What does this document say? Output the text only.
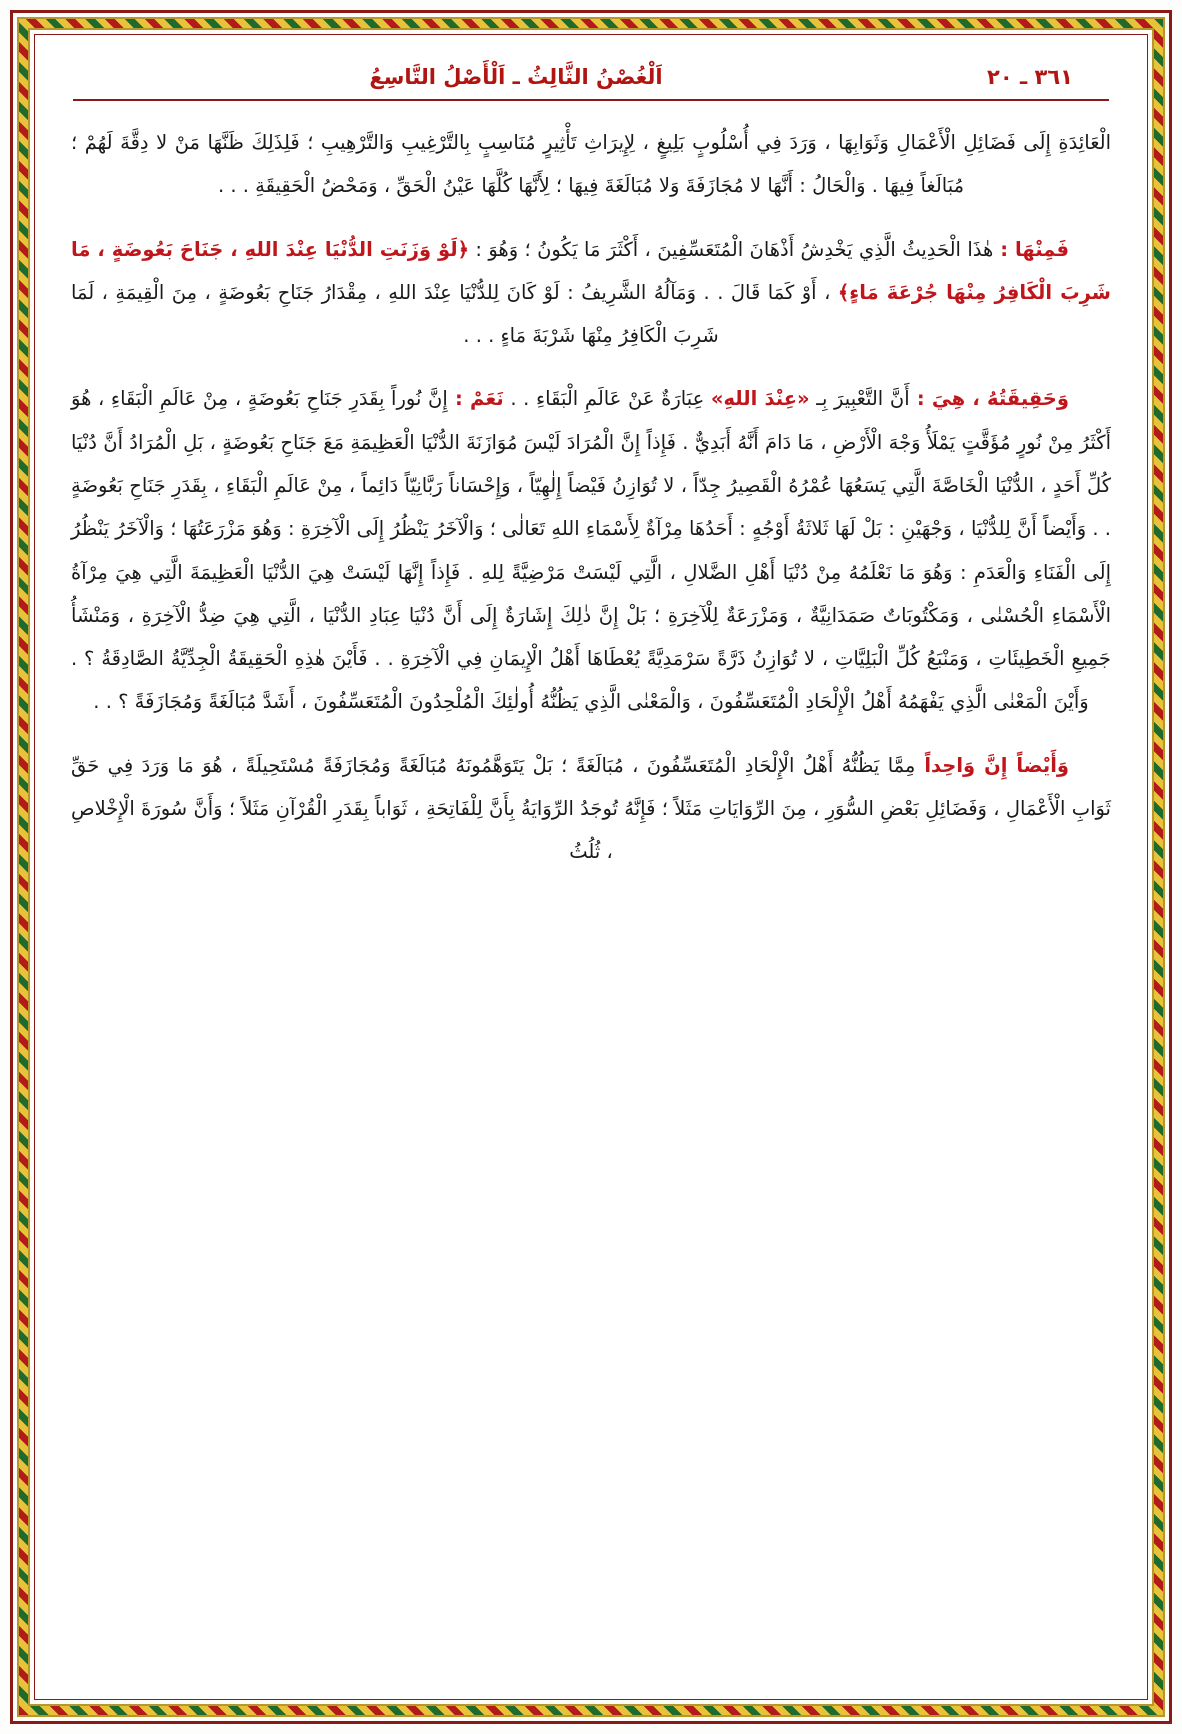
اَلْغُصْنُ الثَّالِثُ ـ اَلْأَصْلُ التَّاسِعُ	٣٦١ ـ ٢٠
الْعَائِدَةِ إِلَى فَضَائِلِ الْأَعْمَالِ وَثَوَابِهَا ، وَرَدَ فِي أُسْلُوبٍ بَلِيغٍ ، لِإِيرَاثِ تَأْثِيرٍ مُنَاسِبٍ بِالتَّرْغِيبِ وَالتَّرْهِيبِ ؛ فَلِذَلِكَ ظَنَّهَا مَنْ لا دِقَّةَ لَهُمْ ؛ مُبَالَغاً فِيهَا . وَالْحَالُ : أَنَّهَا لا مُجَازَفَةَ وَلا مُبَالَغَةَ فِيهَا ؛ لِأَنَّهَا كُلَّهَا عَيْنُ الْحَقِّ ، وَمَحْضُ الْحَقِيقَةِ . . .
فَمِنْهَا : هٰذَا الْحَدِيثُ الَّذِي يَخْدِشُ أَذْهَانَ الْمُتَعَسِّفِينَ ، أَكْثَرَ مَا يَكُونُ ؛ وَهُوَ : ﴿لَوْ وَزَنَتِ الدُّنْيَا عِنْدَ اللهِ ، جَنَاحَ بَعُوضَةٍ ، مَا شَرِبَ الْكَافِرُ مِنْهَا جُرْعَةَ مَاءٍ﴾ ، أَوْ كَمَا قَالَ . . وَمَآلُهُ الشَّرِيفُ : لَوْ كَانَ لِلدُّنْيَا عِنْدَ اللهِ ، مِقْدَارُ جَنَاحِ بَعُوضَةٍ ، مِنَ الْقِيمَةِ ، لَمَا شَرِبَ الْكَافِرُ مِنْهَا شَرْبَةَ مَاءٍ . . .
وَحَقِيقَتُهُ ، هِيَ : أَنَّ التَّعْبِيرَ بِـ «عِنْدَ اللهِ» عِبَارَةٌ عَنْ عَالَمِ الْبَقَاءِ . . نَعَمْ : إِنَّ نُوراً بِقَدَرِ جَنَاحِ بَعُوضَةٍ ، مِنْ عَالَمِ الْبَقَاءِ ، هُوَ أَكْثَرُ مِنْ نُورٍ مُؤَقَّتٍ يَمْلَأُ وَجْهَ الْأَرْضِ ، مَا دَامَ أَنَّهُ أَبَدِيٌّ . فَإِذاً إِنَّ الْمُرَادَ لَيْسَ مُوَازَنَةَ الدُّنْيَا الْعَظِيمَةِ مَعَ جَنَاحِ بَعُوضَةٍ ، بَلِ الْمُرَادُ أَنَّ دُنْيَا كُلِّ أَحَدٍ ، الدُّنْيَا الْخَاصَّةَ الَّتِي يَسَعُهَا عُمْرُهُ الْقَصِيرُ جِدّاً ، لا تُوَازِنُ فَيْضاً إِلٰهِيّاً ، وَإِحْسَاناً رَبَّانِيّاً دَائِماً ، مِنْ عَالَمِ الْبَقَاءِ ، بِقَدَرِ جَنَاحِ بَعُوضَةٍ . . وَأَيْضاً أَنَّ لِلدُّنْيَا ، وَجْهَيْنِ : بَلْ لَهَا ثَلاثَةُ أَوْجُهٍ : أَحَدُهَا مِرْآةٌ لِأَسْمَاءِ اللهِ تَعَالٰى ؛ وَالْآخَرُ يَنْظُرُ إِلَى الْآخِرَةِ : وَهُوَ مَزْرَعَتُهَا ؛ وَالْآخَرُ يَنْظُرُ إِلَى الْفَنَاءِ وَالْعَدَمِ : وَهُوَ مَا نَعْلَمُهُ مِنْ دُنْيَا أَهْلِ الضَّلالِ ، الَّتِي لَيْسَتْ مَرْضِيَّةً لِلهِ . فَإِذاً إِنَّهَا لَيْسَتْ هِيَ الدُّنْيَا الْعَظِيمَةَ الَّتِي هِيَ مِرْآةُ الْأَسْمَاءِ الْحُسْنٰى ، وَمَكْتُوبَاتٌ صَمَدَانِيَّةٌ ، وَمَزْرَعَةٌ لِلْآخِرَةِ ؛ بَلْ إِنَّ ذٰلِكَ إِشَارَةٌ إِلَى أَنَّ دُنْيَا عِبَادِ الدُّنْيَا ، الَّتِي هِيَ ضِدُّ الْآخِرَةِ ، وَمَنْشَأُ جَمِيعِ الْخَطِيئَاتِ ، وَمَنْبَعُ كُلِّ الْبَلِيَّاتِ ، لا تُوَازِنُ ذَرَّةً سَرْمَدِيَّةً يُعْطَاهَا أَهْلُ الْإِيمَانِ فِي الْآخِرَةِ . . فَأَيْنَ هٰذِهِ الْحَقِيقَةُ الْجِدِّيَّةُ الصَّادِقَةُ ؟ . وَأَيْنَ الْمَعْنٰى الَّذِي يَفْهَمُهُ أَهْلُ الْإِلْحَادِ الْمُتَعَسِّفُونَ ، وَالْمَعْنٰى الَّذِي يَظُنُّهُ أُولٰئِكَ الْمُلْحِدُونَ الْمُتَعَسِّفُونَ ، أَشَدَّ مُبَالَغَةً وَمُجَازَفَةً ؟ . .
وَأَيْضاً إِنَّ وَاحِداً مِمَّا يَظُنُّهُ أَهْلُ الْإِلْحَادِ الْمُتَعَسِّفُونَ ، مُبَالَغَةً ؛ بَلْ يَتَوَهَّمُونَهُ مُبَالَغَةً وَمُجَازَفَةً مُسْتَحِيلَةً ، هُوَ مَا وَرَدَ فِي حَقِّ ثَوَابِ الْأَعْمَالِ ، وَفَضَائِلِ بَعْضِ السُّوَرِ ، مِنَ الرِّوَايَاتِ مَثَلاً ؛ فَإِنَّهُ تُوجَدُ الرِّوَايَةُ بِأَنَّ لِلْفَاتِحَةِ ، ثَوَاباً بِقَدَرِ الْقُرْآنِ مَثَلاً ؛ وَأَنَّ سُورَةَ الْإِخْلاصِ ، ثُلُثُ
